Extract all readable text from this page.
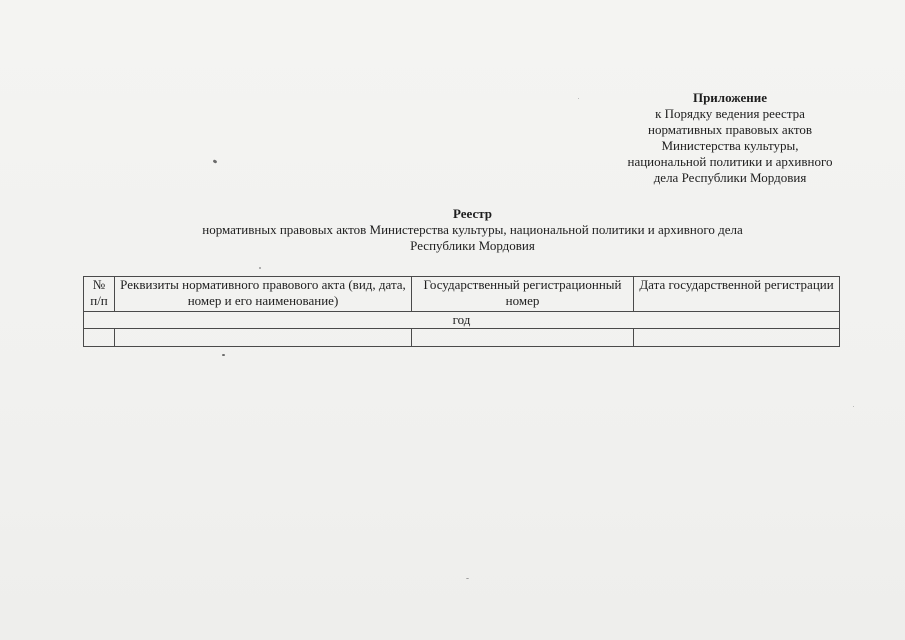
Приложение
к Порядку ведения реестра
нормативных правовых актов
Министерства культуры,
национальной политики и архивного
дела Республики Мордовия
Реестр
нормативных правовых актов Министерства культуры, национальной политики и архивного дела
Республики Мордовия
№ п/п	Реквизиты нормативного правового акта (вид, дата, номер и его наименование)	Государственный регистрационный номер	Дата государственной регистрации
год			
